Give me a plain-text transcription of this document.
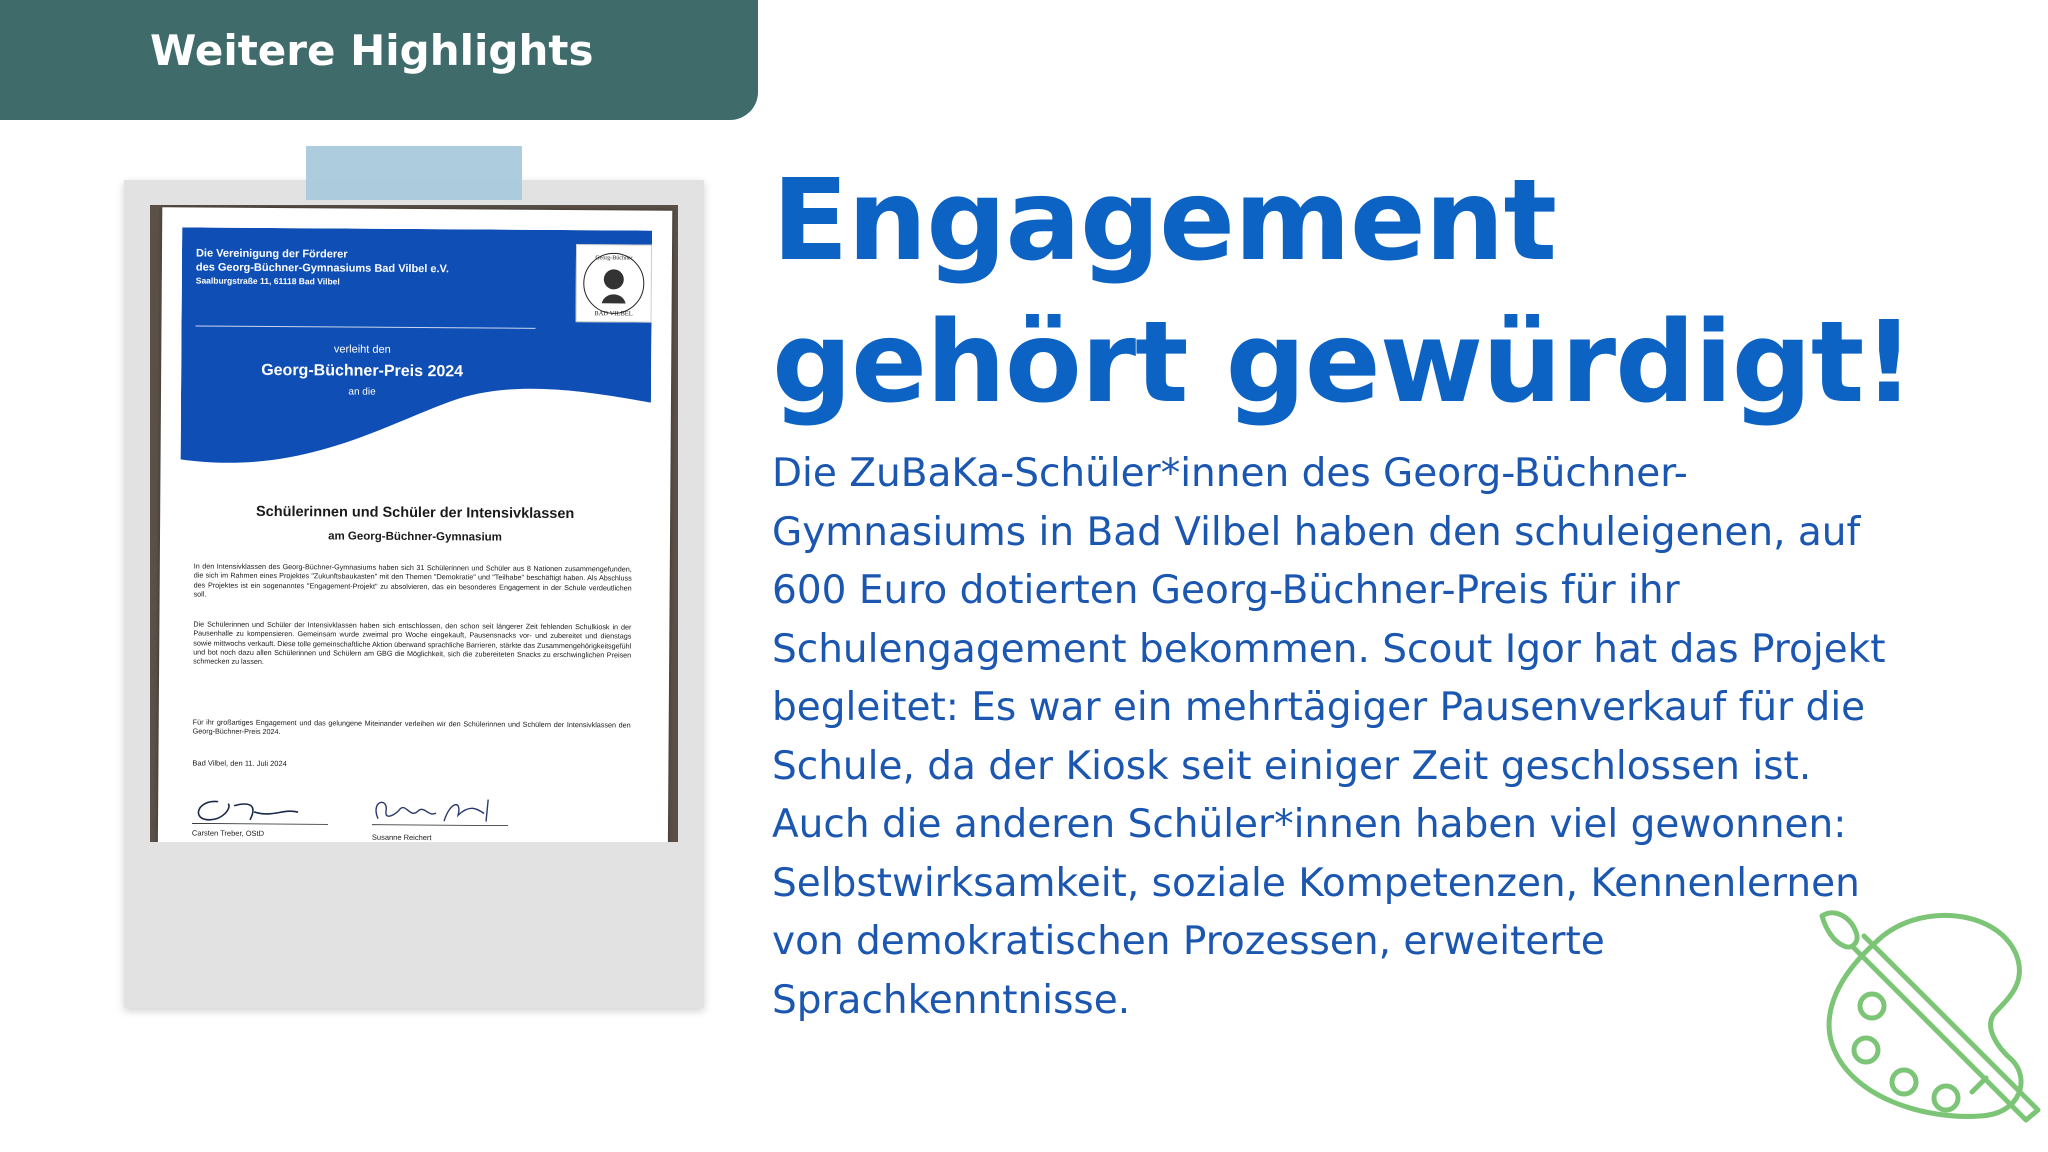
Weitere Highlights
Die Vereinigung der Förderer
des Georg-Büchner-Gymnasiums Bad Vilbel e.V.
Saalburgstraße 11, 61118 Bad Vilbel
verleiht den
Georg-Büchner-Preis 2024
an die
Georg-Büchner
BAD VILBEL
Schülerinnen und Schüler der Intensivklassen
am Georg-Büchner-Gymnasium
In den Intensivklassen des Georg-Büchner-Gymnasiums haben sich 31 Schülerinnen und Schüler aus 8 Nationen zusammengefunden, die sich im Rahmen eines Projektes "Zukunftsbaukasten" mit den Themen "Demokratie" und "Teilhabe" beschäftigt haben. Als Abschluss des Projektes ist ein sogenanntes "Engagement-Projekt" zu absolvieren, das ein besonderes Engagement in der Schule verdeutlichen soll.
Die Schülerinnen und Schüler der Intensivklassen haben sich entschlossen, den schon seit längerer Zeit fehlenden Schulkiosk in der Pausenhalle zu kompensieren. Gemeinsam wurde zweimal pro Woche eingekauft, Pausensnacks vor- und zubereitet und dienstags sowie mittwochs verkauft. Diese tolle gemeinschaftliche Aktion überwand sprachliche Barrieren, stärkte das Zusammengehörigkeitsgefühl und bot noch dazu allen Schülerinnen und Schülern am GBG die Möglichkeit, sich die zubereiteten Snacks zu erschwinglichen Preisen schmecken zu lassen.
Für ihr großartiges Engagement und das gelungene Miteinander verleihen wir den Schülerinnen und Schülern der Intensivklassen den Georg-Büchner-Preis 2024.
Bad Vilbel, den 11. Juli 2024
Carsten Treber, OStD	Susanne Reichert
Engagement
gehört gewürdigt!
Die ZuBaKa-Schüler*innen des Georg-Büchner-
Gymnasiums in Bad Vilbel haben den schuleigenen, auf
600 Euro dotierten Georg-Büchner-Preis für ihr
Schulengagement bekommen. Scout Igor hat das Projekt
begleitet: Es war ein mehrtägiger Pausenverkauf für die
Schule, da der Kiosk seit einiger Zeit geschlossen ist.
Auch die anderen Schüler*innen haben viel gewonnen:
Selbstwirksamkeit, soziale Kompetenzen, Kennenlernen
von demokratischen Prozessen, erweiterte
Sprachkenntnisse.
